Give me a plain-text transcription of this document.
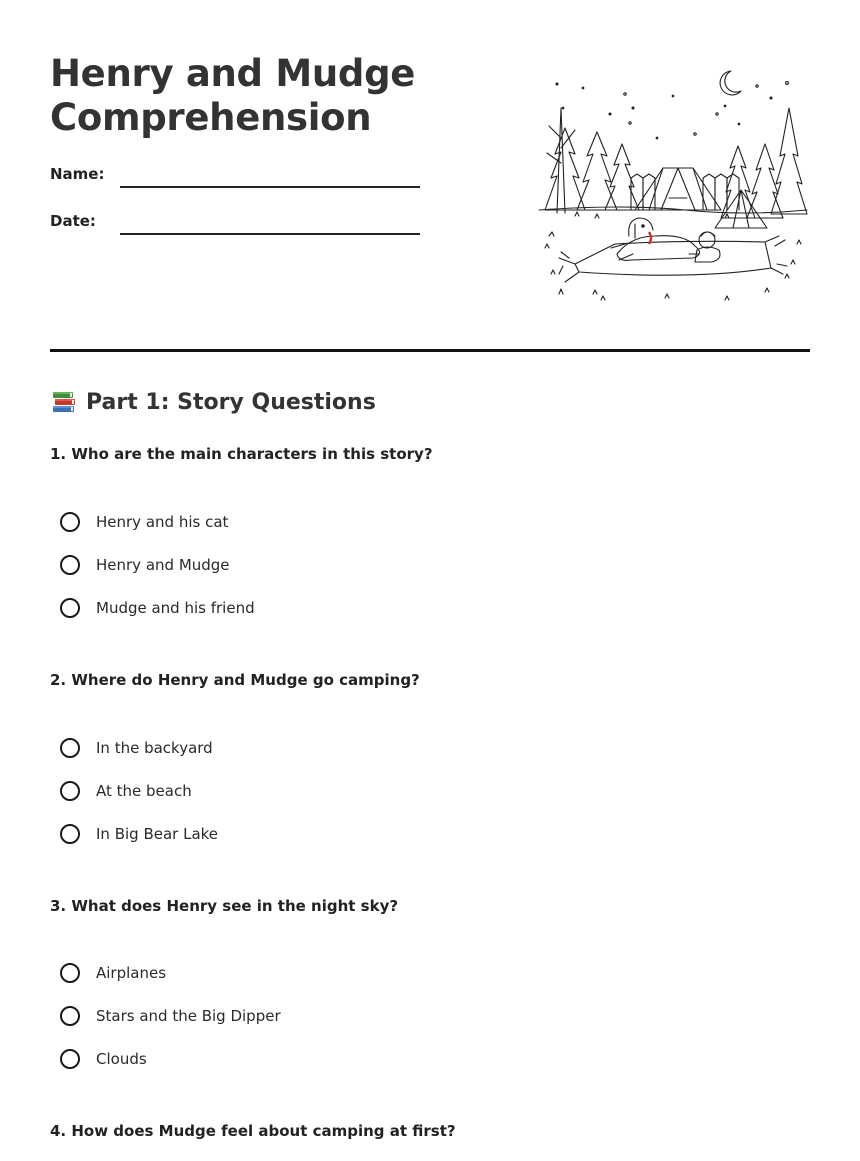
Henry and Mudge Comprehension
Name:
Date:
Part 1: Story Questions
1. Who are the main characters in this story?
Henry and his cat
Henry and Mudge
Mudge and his friend
2. Where do Henry and Mudge go camping?
In the backyard
At the beach
In Big Bear Lake
3. What does Henry see in the night sky?
Airplanes
Stars and the Big Dipper
Clouds
4. How does Mudge feel about camping at first?
